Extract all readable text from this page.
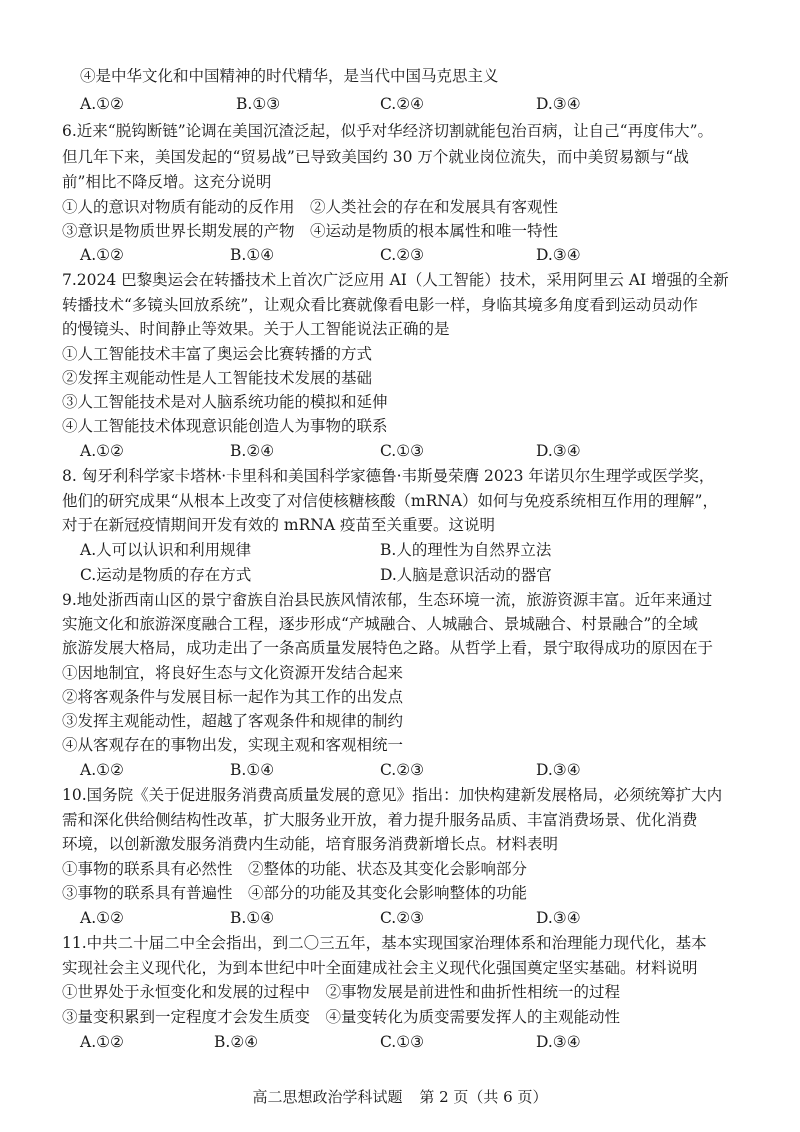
④是中华文化和中国精神的时代精华，是当代中国马克思主义
A.①②	B.①③	C.②④	D.③④
6.近来“脱钩断链”论调在美国沉渣泛起，似乎对华经济切割就能包治百病，让自己“再度伟大”。
但几年下来，美国发起的“贸易战”已导致美国约 30 万个就业岗位流失，而中美贸易额与“战
前”相比不降反增。这充分说明
①人的意识对物质有能动的反作用　②人类社会的存在和发展具有客观性
③意识是物质世界长期发展的产物　④运动是物质的根本属性和唯一特性
A.①②	B.①④	C.②③	D.③④
7.2024 巴黎奥运会在转播技术上首次广泛应用 AI（人工智能）技术，采用阿里云 AI 增强的全新
转播技术“多镜头回放系统”，让观众看比赛就像看电影一样，身临其境多角度看到运动员动作
的慢镜头、时间静止等效果。关于人工智能说法正确的是
①人工智能技术丰富了奥运会比赛转播的方式
②发挥主观能动性是人工智能技术发展的基础
③人工智能技术是对人脑系统功能的模拟和延伸
④人工智能技术体现意识能创造人为事物的联系
A.①②	B.②④	C.①③	D.③④
8. 匈牙利科学家卡塔林·卡里科和美国科学家德鲁·韦斯曼荣膺 2023 年诺贝尔生理学或医学奖，
他们的研究成果“从根本上改变了对信使核糖核酸（mRNA）如何与免疫系统相互作用的理解”，
对于在新冠疫情期间开发有效的 mRNA 疫苗至关重要。这说明
A.人可以认识和利用规律	B.人的理性为自然界立法
C.运动是物质的存在方式	D.人脑是意识活动的器官
9.地处浙西南山区的景宁畲族自治县民族风情浓郁，生态环境一流，旅游资源丰富。近年来通过
实施文化和旅游深度融合工程，逐步形成“产城融合、人城融合、景城融合、村景融合”的全域
旅游发展大格局，成功走出了一条高质量发展特色之路。从哲学上看，景宁取得成功的原因在于
①因地制宜，将良好生态与文化资源开发结合起来
②将客观条件与发展目标一起作为其工作的出发点
③发挥主观能动性，超越了客观条件和规律的制约
④从客观存在的事物出发，实现主观和客观相统一
A.①②	B.①④	C.②③	D.③④
10.国务院《关于促进服务消费高质量发展的意见》指出：加快构建新发展格局，必须统筹扩大内
需和深化供给侧结构性改革，扩大服务业开放，着力提升服务品质、丰富消费场景、优化消费
环境，以创新激发服务消费内生动能，培育服务消费新增长点。材料表明
①事物的联系具有必然性　②整体的功能、状态及其变化会影响部分
③事物的联系具有普遍性　④部分的功能及其变化会影响整体的功能
A.①②	B.①④	C.②③	D.③④
11.中共二十届二中全会指出，到二〇三五年，基本实现国家治理体系和治理能力现代化，基本
实现社会主义现代化，为到本世纪中叶全面建成社会主义现代化强国奠定坚实基础。材料说明
①世界处于永恒变化和发展的过程中　②事物发展是前进性和曲折性相统一的过程
③量变积累到一定程度才会发生质变　④量变转化为质变需要发挥人的主观能动性
A.①②	B.②④	C.①③	D.③④
高二思想政治学科试题 第 2 页（共 6 页）
